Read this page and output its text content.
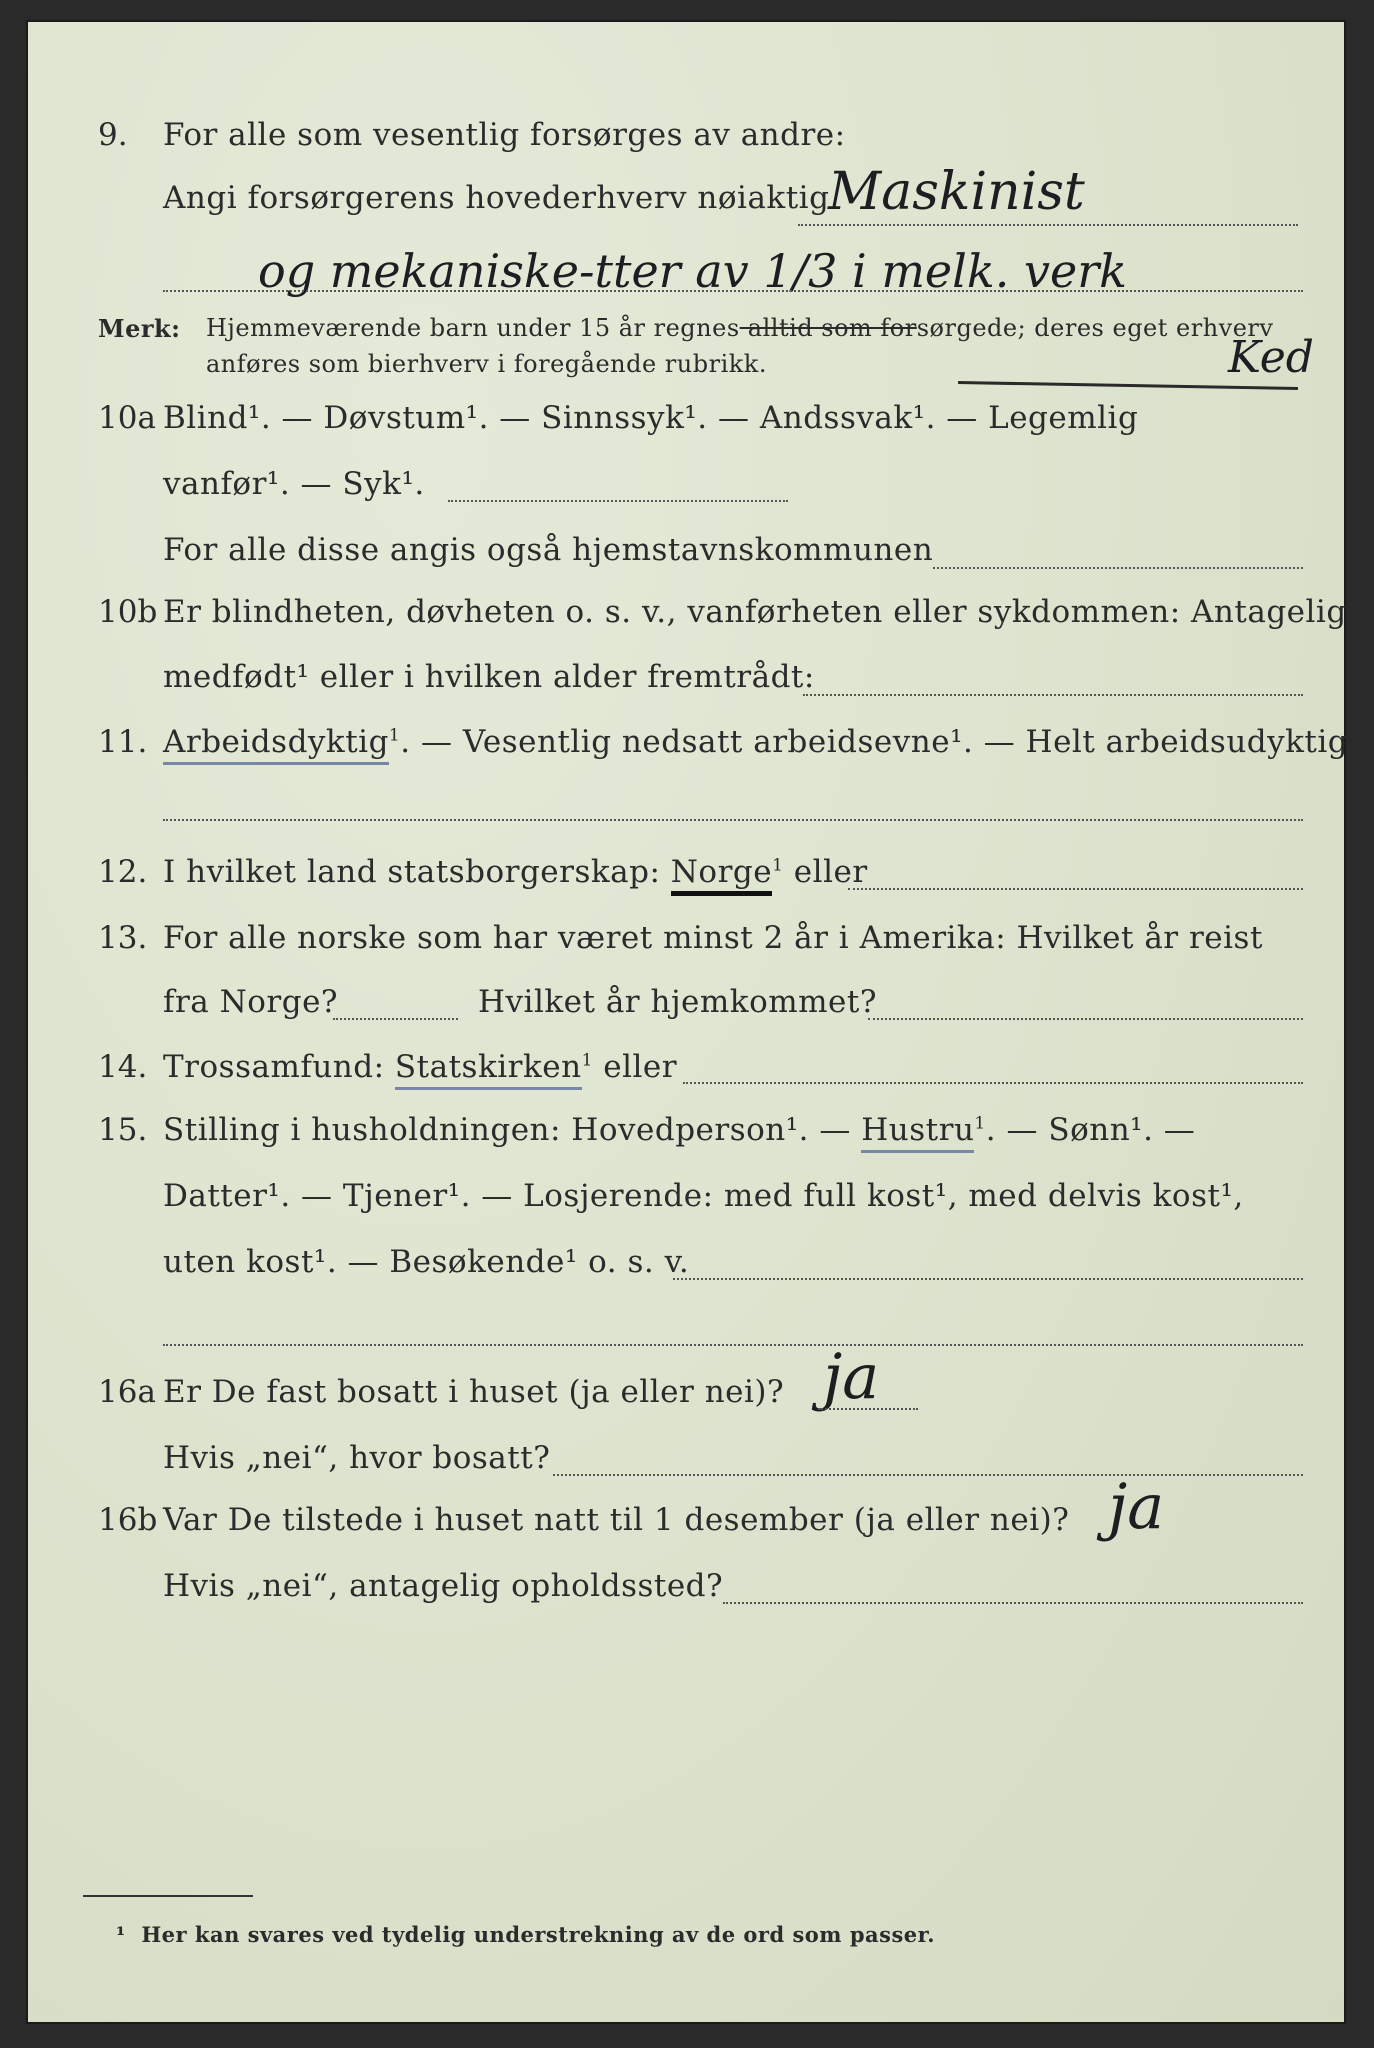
9. For alle som vesentlig forsørges av andre:
Maskinist
Angi forsørgerens hovederhverv nøiaktig
og mekaniske-tter av 1/3 i melk. verk
Merk: Hjemmeværende barn under 15 år regnes alltid som forsørgede; deres eget erhverv
anføres som bierhverv i foregående rubrikk.	Ked
10a Blind¹. — Døvstum¹. — Sinnssyk¹. — Andssvak¹. — Legemlig
vanfør¹. — Syk¹.
For alle disse angis også hjemstavnskommunen
10b Er blindheten, døvheten o. s. v., vanførheten eller sykdommen: Antagelig
medfødt¹ eller i hvilken alder fremtrådt:
11. Arbeidsdyktig$^1$. — Vesentlig nedsatt arbeidsevne¹. — Helt arbeidsudyktig¹.
12. I hvilket land statsborgerskap: Norge$^1$ eller
13. For alle norske som har været minst 2 år i Amerika: Hvilket år reist
fra Norge?	Hvilket år hjemkommet?
14. Trossamfund: Statskirken$^1$ eller
15. Stilling i husholdningen: Hovedperson¹. — Hustru$^1$. — Sønn¹. —
Datter¹. — Tjener¹. — Losjerende: med full kost¹, med delvis kost¹,
uten kost¹. — Besøkende¹ o. s. v.
16a Er De fast bosatt i huset (ja eller nei)? ja
Hvis „nei“, hvor bosatt?
16b Var De tilstede i huset natt til 1 desember (ja eller nei)? ja
Hvis „nei“, antagelig opholdssted?
¹ Her kan svares ved tydelig understrekning av de ord som passer.
